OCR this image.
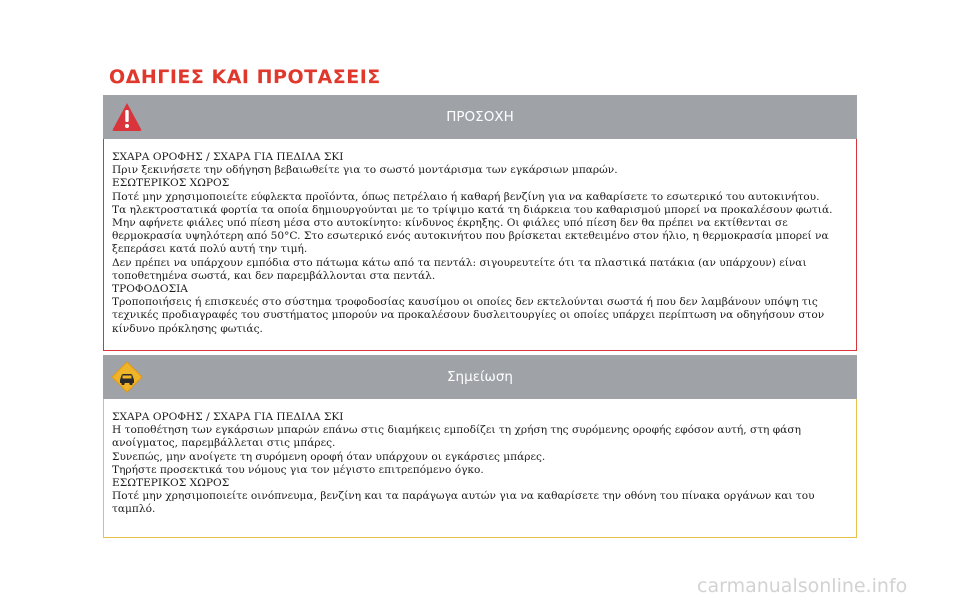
ΟΔΗΓΙΕΣ ΚΑΙ ΠΡΟΤΑΣΕΙΣ
ΠΡΟΣΟΧΗ
ΣΧΑΡΑ ΟΡΟΦΗΣ / ΣΧΑΡΑ ΓΙΑ ΠΕΔΙΛΑ ΣΚΙ
Πριν ξεκινήσετε την οδήγηση βεβαιωθείτε για το σωστό μοντάρισμα των εγκάρσιων μπαρών.
ΕΣΩΤΕΡΙΚΟΣ ΧΩΡΟΣ
Ποτέ μην χρησιμοποιείτε εύφλεκτα προϊόντα, όπως πετρέλαιο ή καθαρή βενζίνη για να καθαρίσετε το εσωτερικό του αυτοκινήτου.
Τα ηλεκτροστατικά φορτία τα οποία δημιουργούνται με το τρίψιμο κατά τη διάρκεια του καθαρισμού μπορεί να προκαλέσουν φωτιά.
Μην αφήνετε φιάλες υπό πίεση μέσα στο αυτοκίνητο: κίνδυνος έκρηξης. Οι φιάλες υπό πίεση δεν θα πρέπει να εκτίθενται σε
θερμοκρασία υψηλότερη από 50°C. Στο εσωτερικό ενός αυτοκινήτου που βρίσκεται εκτεθειμένο στον ήλιο, η θερμοκρασία μπορεί να
ξεπεράσει κατά πολύ αυτή την τιμή.
Δεν πρέπει να υπάρχουν εμπόδια στο πάτωμα κάτω από τα πεντάλ: σιγουρευτείτε ότι τα πλαστικά πατάκια (αν υπάρχουν) είναι
τοποθετημένα σωστά, και δεν παρεμβάλλονται στα πεντάλ.
ΤΡΟΦΟΔΟΣΙΑ
Τροποποιήσεις ή επισκευές στο σύστημα τροφοδοσίας καυσίμου οι οποίες δεν εκτελούνται σωστά ή που δεν λαμβάνουν υπόψη τις
τεχνικές προδιαγραφές του συστήματος μπορούν να προκαλέσουν δυσλειτουργίες οι οποίες υπάρχει περίπτωση να οδηγήσουν στον
κίνδυνο πρόκλησης φωτιάς.
Σημείωση
ΣΧΑΡΑ ΟΡΟΦΗΣ / ΣΧΑΡΑ ΓΙΑ ΠΕΔΙΛΑ ΣΚΙ
Η τοποθέτηση των εγκάρσιων μπαρών επάνω στις διαμήκεις εμποδίζει τη χρήση της συρόμενης οροφής εφόσον αυτή, στη φάση
ανοίγματος, παρεμβάλλεται στις μπάρες.
Συνεπώς, μην ανοίγετε τη συρόμενη οροφή όταν υπάρχουν οι εγκάρσιες μπάρες.
Τηρήστε προσεκτικά του νόμους για τον μέγιστο επιτρεπόμενο όγκο.
ΕΣΩΤΕΡΙΚΟΣ ΧΩΡΟΣ
Ποτέ μην χρησιμοποιείτε οινόπνευμα, βενζίνη και τα παράγωγα αυτών για να καθαρίσετε την οθόνη του πίνακα οργάνων και του
ταμπλό.
carmanualsonline.info
